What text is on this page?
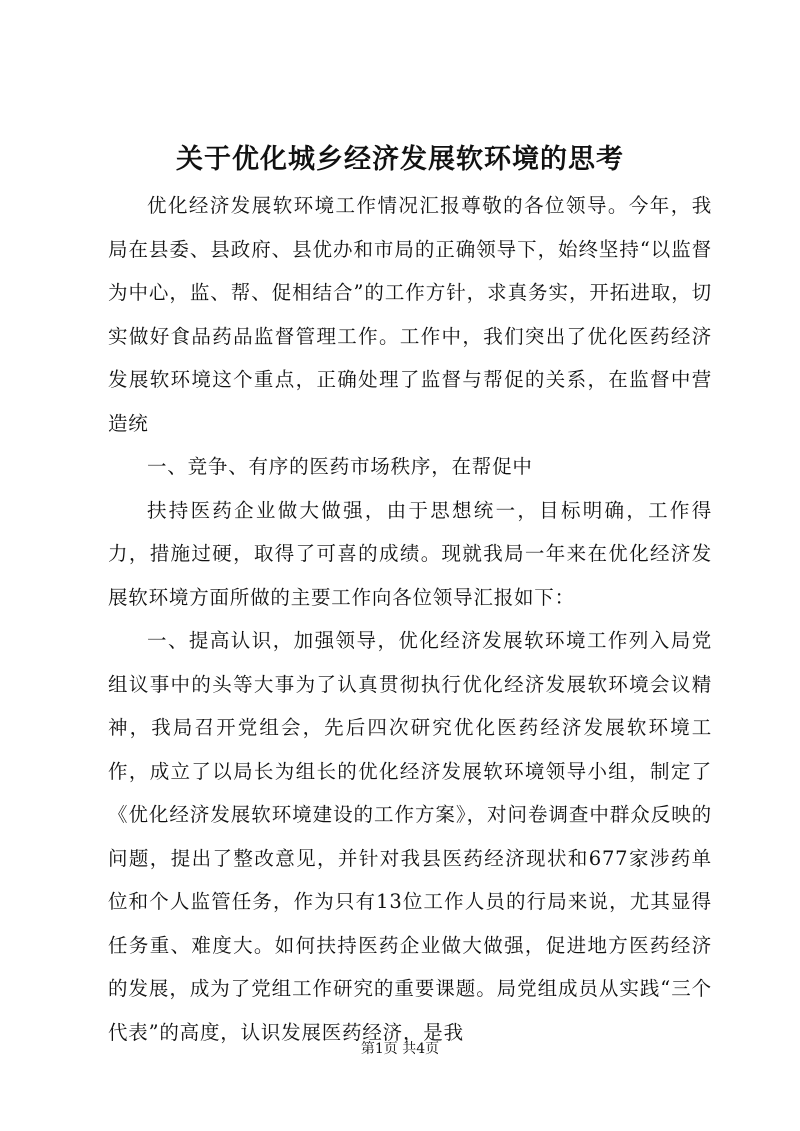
关于优化城乡经济发展软环境的思考

优化经济发展软环境工作情况汇报尊敬的各位领导。今年，我局在县委、县政府、县优办和市局的正确领导下，始终坚持“以监督为中心，监、帮、促相结合”的工作方针，求真务实，开拓进取，切实做好食品药品监督管理工作。工作中，我们突出了优化医药经济发展软环境这个重点，正确处理了监督与帮促的关系，在监督中营造统

一、竞争、有序的医药市场秩序，在帮促中

扶持医药企业做大做强，由于思想统一，目标明确，工作得力，措施过硬，取得了可喜的成绩。现就我局一年来在优化经济发展软环境方面所做的主要工作向各位领导汇报如下：

一、提高认识，加强领导，优化经济发展软环境工作列入局党组议事中的头等大事为了认真贯彻执行优化经济发展软环境会议精神，我局召开党组会，先后四次研究优化医药经济发展软环境工作，成立了以局长为组长的优化经济发展软环境领导小组，制定了《优化经济发展软环境建设的工作方案》，对问卷调查中群众反映的问题，提出了整改意见，并针对我县医药经济现状和677家涉药单位和个人监管任务，作为只有13位工作人员的行局来说，尤其显得任务重、难度大。如何扶持医药企业做大做强，促进地方医药经济的发展，成为了党组工作研究的重要课题。局党组成员从实践“三个代表”的高度，认识发展医药经济，是我

第1页 共4页
